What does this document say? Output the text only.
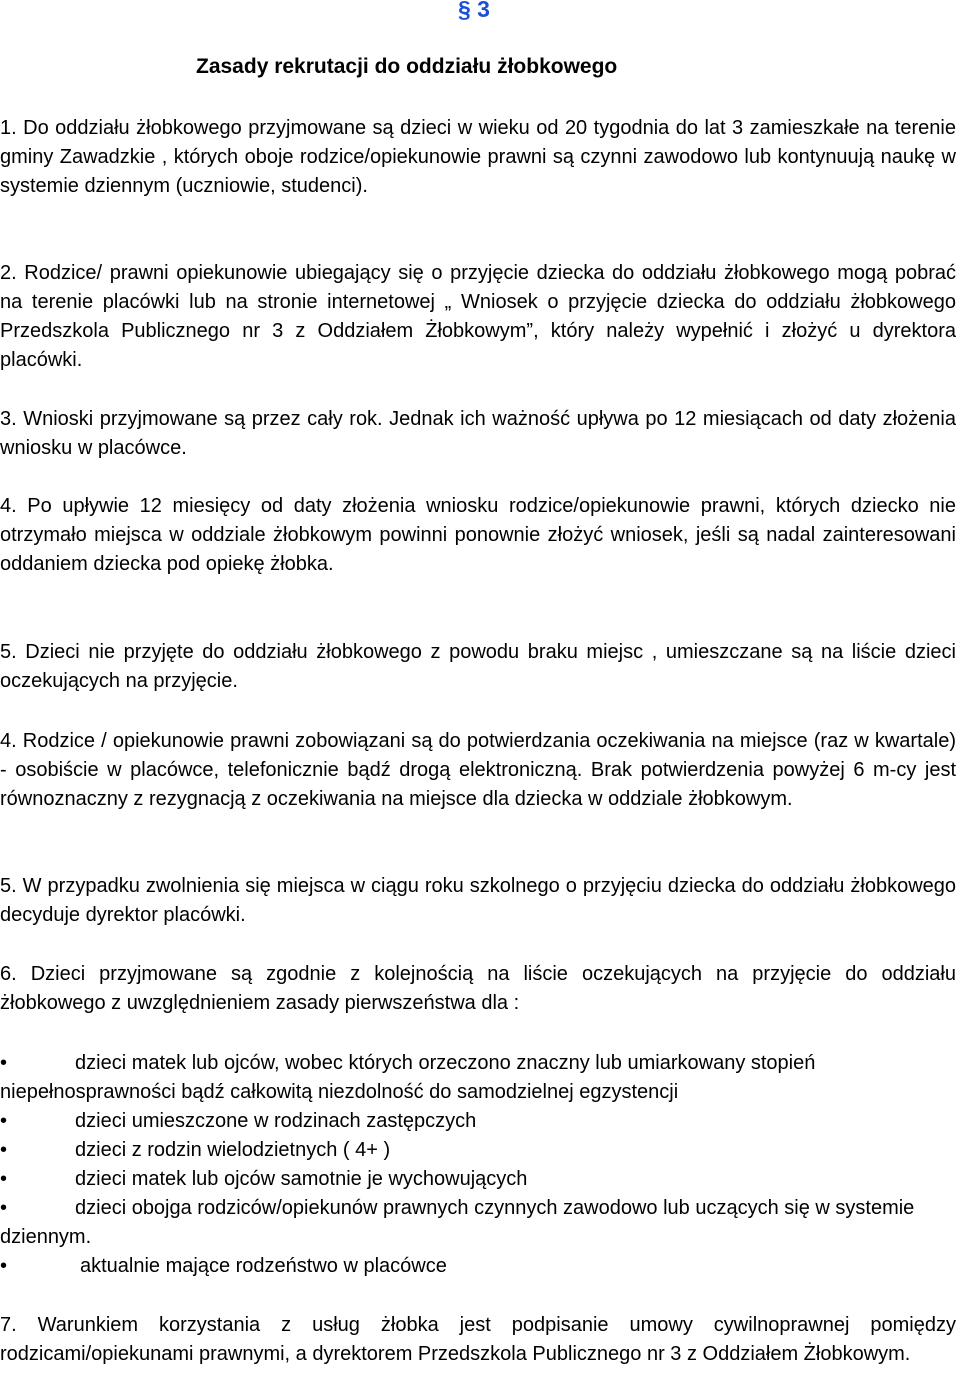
§ 3
Zasady rekrutacji do oddziału żłobkowego

1. Do oddziału żłobkowego przyjmowane są dzieci w wieku od 20 tygodnia do lat 3 zamieszkałe na terenie gminy Zawadzkie , których oboje rodzice/opiekunowie prawni są czynni zawodowo lub kontynuują naukę w systemie dziennym (uczniowie, studenci).

2. Rodzice/ prawni opiekunowie ubiegający się o przyjęcie dziecka do oddziału żłobkowego mogą pobrać na terenie placówki lub na stronie internetowej „ Wniosek o przyjęcie dziecka do oddziału żłobkowego Przedszkola Publicznego nr 3 z Oddziałem Żłobkowym”, który należy wypełnić i złożyć u dyrektora placówki.

3. Wnioski przyjmowane są przez cały rok. Jednak ich ważność upływa po 12 miesiącach od daty złożenia wniosku w placówce.

4. Po upływie 12 miesięcy od daty złożenia wniosku rodzice/opiekunowie prawni, których dziecko nie otrzymało miejsca w oddziale żłobkowym powinni ponownie złożyć wniosek, jeśli są nadal zainteresowani oddaniem dziecka pod opiekę żłobka.

5. Dzieci nie przyjęte do oddziału żłobkowego z powodu braku miejsc , umieszczane są na liście dzieci oczekujących na przyjęcie.

4. Rodzice / opiekunowie prawni zobowiązani są do potwierdzania oczekiwania na miejsce (raz w kwartale) - osobiście w placówce, telefonicznie bądź drogą elektroniczną. Brak potwierdzenia powyżej 6 m-cy jest równoznaczny z rezygnacją z oczekiwania na miejsce dla dziecka w oddziale żłobkowym.

5. W przypadku zwolnienia się miejsca w ciągu roku szkolnego o przyjęciu dziecka do oddziału żłobkowego decyduje dyrektor placówki.

6. Dzieci przyjmowane są zgodnie z kolejnością na liście oczekujących na przyjęcie do oddziału żłobkowego z uwzględnieniem zasady pierwszeństwa dla :

•	dzieci matek lub ojców, wobec których orzeczono znaczny lub umiarkowany stopień niepełnosprawności bądź całkowitą niezdolność do samodzielnej egzystencji
•	dzieci umieszczone w rodzinach zastępczych
•	dzieci z rodzin wielodzietnych ( 4+ )
•	dzieci matek lub ojców samotnie je wychowujących
•	dzieci obojga rodziców/opiekunów prawnych czynnych zawodowo lub uczących się w systemie dziennym.
•	aktualnie mające rodzeństwo w placówce

7. Warunkiem korzystania z usług żłobka jest podpisanie umowy cywilnoprawnej pomiędzy rodzicami/opiekunami prawnymi, a dyrektorem Przedszkola Publicznego nr 3 z Oddziałem Żłobkowym.
